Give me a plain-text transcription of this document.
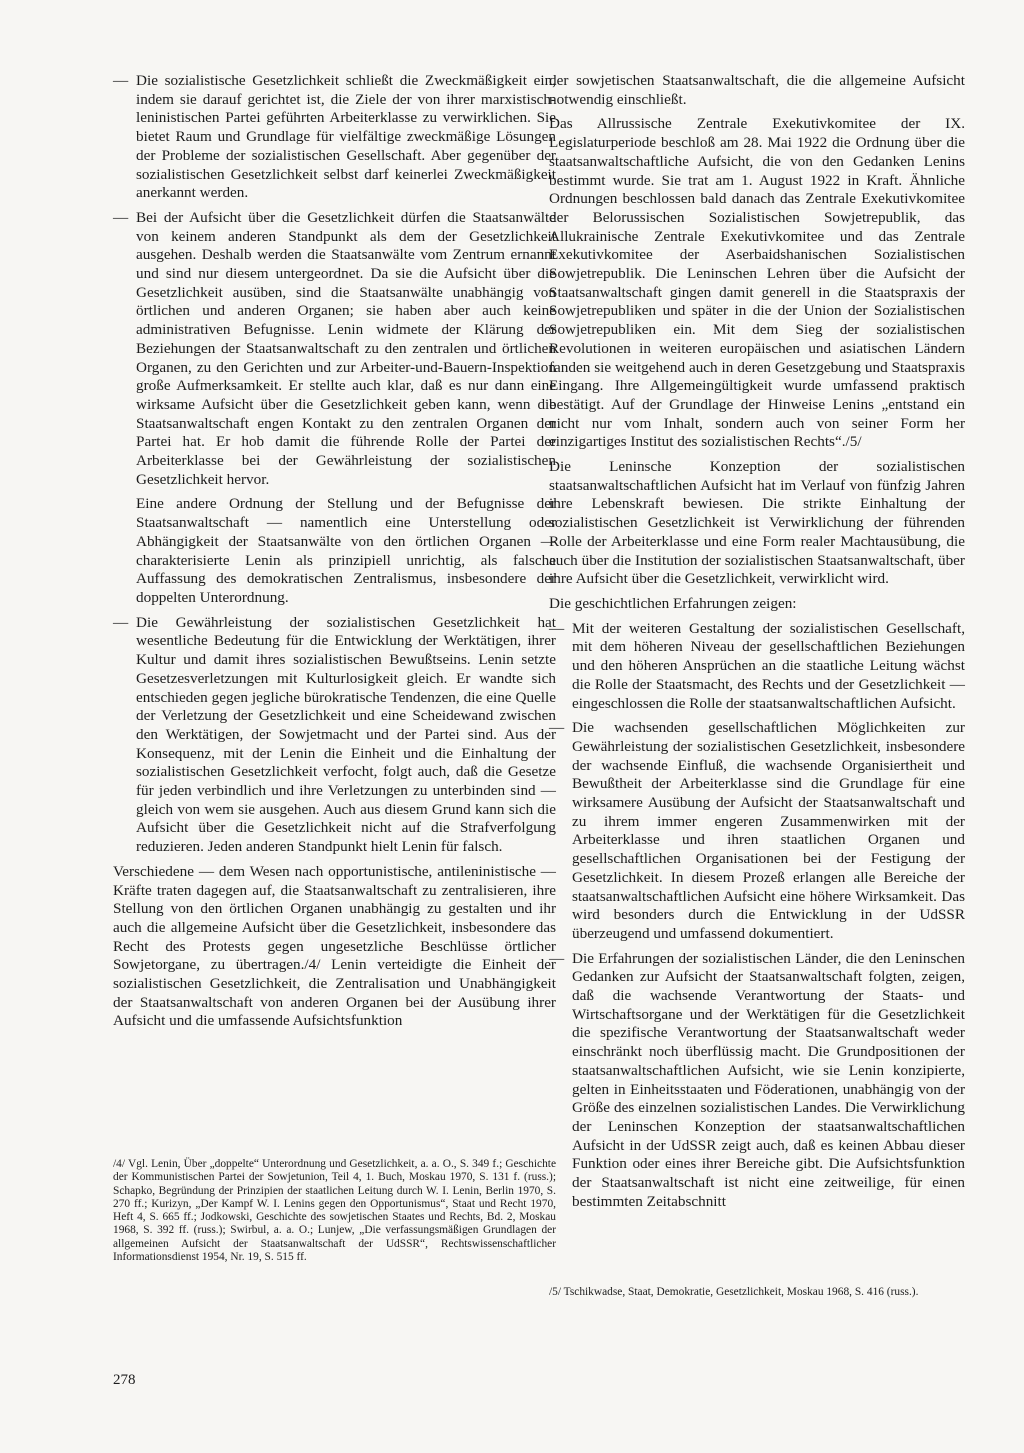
— Die sozialistische Gesetzlichkeit schließt die Zweckmäßigkeit ein, indem sie darauf gerichtet ist, die Ziele der von ihrer marxistisch-leninistischen Partei geführten Arbeiterklasse zu verwirklichen. Sie bietet Raum und Grundlage für vielfältige zweckmäßige Lösungen der Probleme der sozialistischen Gesellschaft. Aber gegenüber der sozialistischen Gesetzlichkeit selbst darf keinerlei Zweckmäßigkeit anerkannt werden.
— Bei der Aufsicht über die Gesetzlichkeit dürfen die Staatsanwälte von keinem anderen Standpunkt als dem der Gesetzlichkeit ausgehen. Deshalb werden die Staatsanwälte vom Zentrum ernannt und sind nur diesem untergeordnet. Da sie die Aufsicht über die Gesetzlichkeit ausüben, sind die Staatsanwälte unabhängig von örtlichen und anderen Organen; sie haben aber auch keine administrativen Befugnisse. Lenin widmete der Klärung der Beziehungen der Staatsanwaltschaft zu den zentralen und örtlichen Organen, zu den Gerichten und zur Arbeiter-und-Bauern-Inspektion große Aufmerksamkeit. Er stellte auch klar, daß es nur dann eine wirksame Aufsicht über die Gesetzlichkeit geben kann, wenn die Staatsanwaltschaft engen Kontakt zu den zentralen Organen der Partei hat. Er hob damit die führende Rolle der Partei der Arbeiterklasse bei der Gewährleistung der sozialistischen Gesetzlichkeit hervor.

Eine andere Ordnung der Stellung und der Befugnisse der Staatsanwaltschaft — namentlich eine Unterstellung oder Abhängigkeit der Staatsanwälte von den örtlichen Organen — charakterisierte Lenin als prinzipiell unrichtig, als falsche Auffassung des demokratischen Zentralismus, insbesondere der doppelten Unterordnung.

— Die Gewährleistung der sozialistischen Gesetzlichkeit hat wesentliche Bedeutung für die Entwicklung der Werktätigen, ihrer Kultur und damit ihres sozialistischen Bewußtseins. Lenin setzte Gesetzesverletzungen mit Kulturlosigkeit gleich. Er wandte sich entschieden gegen jegliche bürokratische Tendenzen, die eine Quelle der Verletzung der Gesetzlichkeit und eine Scheidewand zwischen den Werktätigen, der Sowjetmacht und der Partei sind. Aus der Konsequenz, mit der Lenin die Einheit und die Einhaltung der sozialistischen Gesetzlichkeit verfocht, folgt auch, daß die Gesetze für jeden verbindlich und ihre Verletzungen zu unterbinden sind — gleich von wem sie ausgehen. Auch aus diesem Grund kann sich die Aufsicht über die Gesetzlichkeit nicht auf die Strafverfolgung reduzieren. Jeden anderen Standpunkt hielt Lenin für falsch.

Verschiedene — dem Wesen nach opportunistische, antileninistische — Kräfte traten dagegen auf, die Staatsanwaltschaft zu zentralisieren, ihre Stellung von den örtlichen Organen unabhängig zu gestalten und ihr auch die allgemeine Aufsicht über die Gesetzlichkeit, insbesondere das Recht des Protests gegen ungesetzliche Beschlüsse örtlicher Sowjetorgane, zu übertragen./4/ Lenin verteidigte die Einheit der sozialistischen Gesetzlichkeit, die Zentralisation und Unabhängigkeit der Staatsanwaltschaft von anderen Organen bei der Ausübung ihrer Aufsicht und die umfassende Aufsichtsfunktion

/4/ Vgl. Lenin, Über „doppelte“ Unterordnung und Gesetzlichkeit, a. a. O., S. 349 f.; Geschichte der Kommunistischen Partei der Sowjetunion, Teil 4, 1. Buch, Moskau 1970, S. 131 f. (russ.); Schapko, Begründung der Prinzipien der staatlichen Leitung durch W. I. Lenin, Berlin 1970, S. 270 ff.; Kurizyn, „Der Kampf W. I. Lenins gegen den Opportunismus“, Staat und Recht 1970, Heft 4, S. 665 ff.; Jodkowski, Geschichte des sowjetischen Staates und Rechts, Bd. 2, Moskau 1968, S. 392 ff. (russ.); Swirbul, a. a. O.; Lunjew, „Die verfassungsmäßigen Grundlagen der allgemeinen Aufsicht der Staatsanwaltschaft der UdSSR“, Rechtswissenschaftlicher Informationsdienst 1954, Nr. 19, S. 515 ff.

der sowjetischen Staatsanwaltschaft, die die allgemeine Aufsicht notwendig einschließt.

Das Allrussische Zentrale Exekutivkomitee der IX. Legislaturperiode beschloß am 28. Mai 1922 die Ordnung über die staatsanwaltschaftliche Aufsicht, die von den Gedanken Lenins bestimmt wurde. Sie trat am 1. August 1922 in Kraft. Ähnliche Ordnungen beschlossen bald danach das Zentrale Exekutivkomitee der Belorussischen Sozialistischen Sowjetrepublik, das Allukrainische Zentrale Exekutivkomitee und das Zentrale Exekutivkomitee der Aserbaidshanischen Sozialistischen Sowjetrepublik. Die Leninschen Lehren über die Aufsicht der Staatsanwaltschaft gingen damit generell in die Staatspraxis der Sowjetrepubliken und später in die der Union der Sozialistischen Sowjetrepubliken ein. Mit dem Sieg der sozialistischen Revolutionen in weiteren europäischen und asiatischen Ländern fanden sie weitgehend auch in deren Gesetzgebung und Staatspraxis Eingang. Ihre Allgemeingültigkeit wurde umfassend praktisch bestätigt. Auf der Grundlage der Hinweise Lenins „entstand ein nicht nur vom Inhalt, sondern auch von seiner Form her einzigartiges Institut des sozialistischen Rechts“./5/

Die Leninsche Konzeption der sozialistischen staatsanwaltschaftlichen Aufsicht hat im Verlauf von fünfzig Jahren ihre Lebenskraft bewiesen. Die strikte Einhaltung der sozialistischen Gesetzlichkeit ist Verwirklichung der führenden Rolle der Arbeiterklasse und eine Form realer Machtausübung, die auch über die Institution der sozialistischen Staatsanwaltschaft, über ihre Aufsicht über die Gesetzlichkeit, verwirklicht wird.

Die geschichtlichen Erfahrungen zeigen:

— Mit der weiteren Gestaltung der sozialistischen Gesellschaft, mit dem höheren Niveau der gesellschaftlichen Beziehungen und den höheren Ansprüchen an die staatliche Leitung wächst die Rolle der Staatsmacht, des Rechts und der Gesetzlichkeit — eingeschlossen die Rolle der staatsanwaltschaftlichen Aufsicht.
— Die wachsenden gesellschaftlichen Möglichkeiten zur Gewährleistung der sozialistischen Gesetzlichkeit, insbesondere der wachsende Einfluß, die wachsende Organisiertheit und Bewußtheit der Arbeiterklasse sind die Grundlage für eine wirksamere Ausübung der Aufsicht der Staatsanwaltschaft und zu ihrem immer engeren Zusammenwirken mit der Arbeiterklasse und ihren staatlichen Organen und gesellschaftlichen Organisationen bei der Festigung der Gesetzlichkeit. In diesem Prozeß erlangen alle Bereiche der staatsanwaltschaftlichen Aufsicht eine höhere Wirksamkeit. Das wird besonders durch die Entwicklung in der UdSSR überzeugend und umfassend dokumentiert.
— Die Erfahrungen der sozialistischen Länder, die den Leninschen Gedanken zur Aufsicht der Staatsanwaltschaft folgten, zeigen, daß die wachsende Verantwortung der Staats- und Wirtschaftsorgane und der Werktätigen für die Gesetzlichkeit die spezifische Verantwortung der Staatsanwaltschaft weder einschränkt noch überflüssig macht. Die Grundpositionen der staatsanwaltschaftlichen Aufsicht, wie sie Lenin konzipierte, gelten in Einheitsstaaten und Föderationen, unabhängig von der Größe des einzelnen sozialistischen Landes. Die Verwirklichung der Leninschen Konzeption der staatsanwaltschaftlichen Aufsicht in der UdSSR zeigt auch, daß es keinen Abbau dieser Funktion oder eines ihrer Bereiche gibt. Die Aufsichtsfunktion der Staatsanwaltschaft ist nicht eine zeitweilige, für einen bestimmten Zeitabschnitt

/5/ Tschikwadse, Staat, Demokratie, Gesetzlichkeit, Moskau 1968, S. 416 (russ.).

278
